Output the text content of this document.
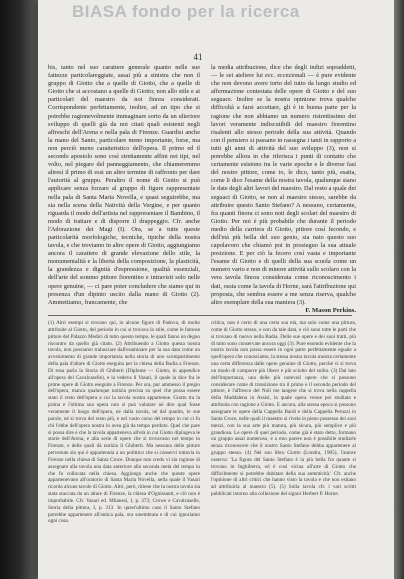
BIASA fondo per la ricerca
41

bis, tanto nel suo carattere generale quanto nelle sue fattezze particolareggiate, assai più a sinistra che non il gruppo di Giotto che a quelle di Giotto, che a quelle di Giotto che si accostano a quelle di Giotto; non allo stile e ai particolari del maestro da noi finora considerati. Corrispondente perfettamente, inoltre, ad un tipo che si potrebbe ragionevolmente immaginare sorto da un ulteriore sviluppo di quelli già da noi citati quali esistenti negli affreschi dell'Arena e nella pala di Firenze. Guardisi anche la mano del Santo, particolare meno importante, forse, ma non perciò meno caratteristico dell'opera. Il primo ed il secondo apostolo sono così strettamente affini nei tipi, nel volto, nel piegare del panneggiamento, che chiameremmo altresì il primo di essi un altro termine di raffronto per dare l'autorità al gruppo. Peraltro il nome di Giotto si può applicare senza forzare al gruppo di figure rappresentate nella pala di Santa Maria Novella, e quasi seguirebbe, ma sia nella scena della Natività della Vergine, e per quanto riguarda il modo dell'artista nel rappresentare il Bambino, il modo di trattare e di disporre il drappeggio. Cfr. anche l'Adorazione dei Magi (I). Ora, se a tutte queste particolarità morfologiche, tecniche, tipiche della nostra tavola, e che troviamo in altre opere di Giotto, aggiungiamo ancora il carattere di grande elevazione dello stile, la monumentalità e la libertà della composizione, la plasticità, la grandezza e dignità d'espressione, qualità essenziali, dell'arte del sommo pittore fiorentino e intravisti solo nelle opere genuine, — ci pare poter concludere che siamo qui in presenza d'un dipinto uscito dalla mano di Giotto (2). Ammettiamo, francamente, che

la media attribuzione, dice che degli indizi sopraddetti, — le sei ateliere lui ecc. eccezionali — è pure evidente che non devono avere torto del tutto da lungo studio ed affermazione contestata delle opere di Giotto e del suo seguace. Inoltre se la nostra opinione trova qualche difficoltà a farsi accettare, gli è in buona parte per la ragione che non abbiamo un numero ristrettissimo dei lavori veramente indiscutibili del maestro fiorentino risalenti allo stesso periodo della sua attività. Quando con il pensiero si passano in rassegna i tanti in rapporto a tutti gli anni di attività del suo sviluppo (3), non si potrebbe allora in che riferisca i punti di contatto che certamente esistono tra le varie epoche e le diverse fasi del nostro pittore, come io, le dico, tanto più, esatta, come li dico l'esame della nostra tavola, qualunque siano le date degli altri lavori del maestro. Dal resto a quale dei seguaci di Giotto, se non al maestro stesso, sarebbe da attribuire questo Santo Stefano? A nessuno, certamente, fra quanti finora ci sono noti degli scolari del maestro di Giotto. Per noi è più probabile che durante il periodo medio della carriera di Giotto, pittore così fecondo, e dell'età più bella del suo genio, sia nato questo suo capolavoro che chiamò poi in prosieguo la sua attuale posizione. E per ciò la fecero così vasta e importante l'esame di Giotto e di quelli della sua scuola come un numero vario e non di minore attività sullo scolaro con la vera tavola finora considerata come riconoscimento i dati, ossia come la tavola di Horne, sarà l'attribuzione qui proposta, che sembra essere a me senza riserva, qualche altro esemplare della sua maniera (3).

F. Mason Perkins.

(1) Altri esempi si trovano qui, in alcune figure di Padova, di molto attribuite al Giotto, del periodo in cui si trovava lo stile, come le famose pitture del Palazzo Medici di tutto questo tempo, le quali fanno un degno riscontro da quello già citato. (2) Attribuendo a Giotto questa nostra tavola, non possiamo tralasciare dall'esaminare per la sua data come un avvenimento di grande importanza nella storia di uno scompartimento della pala d'altare di Giotto eseguita per la chiesa della Badia a Firenze. Di essa parla la Storia di Ghiberti (Diplome — Giotto, in appendice all'opera del Cavalcaselle), e la vedeva il Vasari, il quale la dice fra le prime opere di Giotto eseguite a Firenze. Per ora, pur ammesso il pregio dell'opera, manca qualunque notizia precisa su quel che possa essere stato il resto dell'opera a cui la tavola nostra appartenne. Giotto tra la prima e l'ultima sua opera non si può valutare né dire qual fosse veramente il luogo dell'opera, né dalla tavola, né dal quadro, le sue parole, né si trova del resto più, e nel vasto corso del tempo in cui ci fu chi l'ebbe dell'opera nostra lo avea già da tempo perduto. Quel che pare si possa dire è che la tavola apparteneva all'età in cui Giotto dipingeva le storie dell'Arena, e alla serie di opere che si trovavano nel tempo in Firenze, e delle quali dà notizia il Ghiberti. Ma nessuna delle pitture pervenute sin qui è appartenuta a un polittico che si conservi tuttavia in Firenze nella chiesa di Santa Croce. Dunque non credo vi sia ragione di assegnare alla tavola una data anteriore alla seconda metà del tempo in che fu collocata nella chiesa. Aggiungo anche che queste opere appartenevano all'oratorio di Santa Maria Novella, nella quale il Vasari ricorda alcune tavole di Giotto. Altri, però, ritiene che la nostra tavola sia stata staccata da un altare di Firenze, la chiesa d'Ognissanti, e ciò non è improbabile. Cfr. Vasari ed. Milanesi, I, p. 372; Crowe e Cavalcaselle, Storia della pittura, I, p. 313. In quest'ultimo caso il Santo Stefano potrebbe appartenere all'antica pala, ora smembrata e di cui ignoriamo ogni cosa.

critica, non è certo di una certa sua età, ma solo come una pittura, come di Giotto stesso, e non da tale data, e ciò sono tutte le parti che si trovano di nuovo nella Badia. Delle sue opere e dei suoi tratti, più di tutto sono conservate ancora oggi (3). Pure essendo evidente che la nostra tavola non possa essere in ogni parte perfettamente eguale a quell'opera che conosciamo, la stessa nostra tavola mostra certamente una certa differenza dalle opere genuine di Giotto, perché vi si trova un modo di comporre più libero e più sciolto del solito. (3) Dal lato dell'importanza, una delle più notevoli opere che si possono considerare come di transizione tra il primo e il secondo periodo del pittore, è l'affresco del Noli me tangere che si trova nella cappella della Maddalena in Assisi, la quale opera venne poi studiata e attribuita con ragione a Giotto. E ancora, alla stessa epoca si possono assegnare le opere della Cappella Bardi e della Cappella Peruzzi in Santa Croce, nelle quali il maestro si rivela in pieno possesso dei suoi mezzi, con la sua arte più matura, più sicura, più semplice e più grandiosa. Le opere di quel periodo, come già è stato detto, formano un gruppo assai numeroso, e a mio parere non è possibile studiarle senza riconoscere che il nostro Santo Stefano debba appartenere al gruppo stesso. (4) Nel suo libro Giotto (Londra, 1905), l'autore osserva: 'La figura del Santo Stefano è la più bella fra quante si trovano in Inghilterra, ed è così vicina all'arte di Giotto che difficilmente si potrebbe dubitare della sua autenticità.' Cfr. anche l'opinione di altri critici che hanno visto la tavola e che non esitano ad attribuirla al maestro (5). (5) Sulla tavola cfr. i vari scritti pubblicati intorno alla collezione del signor Herbert P. Horne.
